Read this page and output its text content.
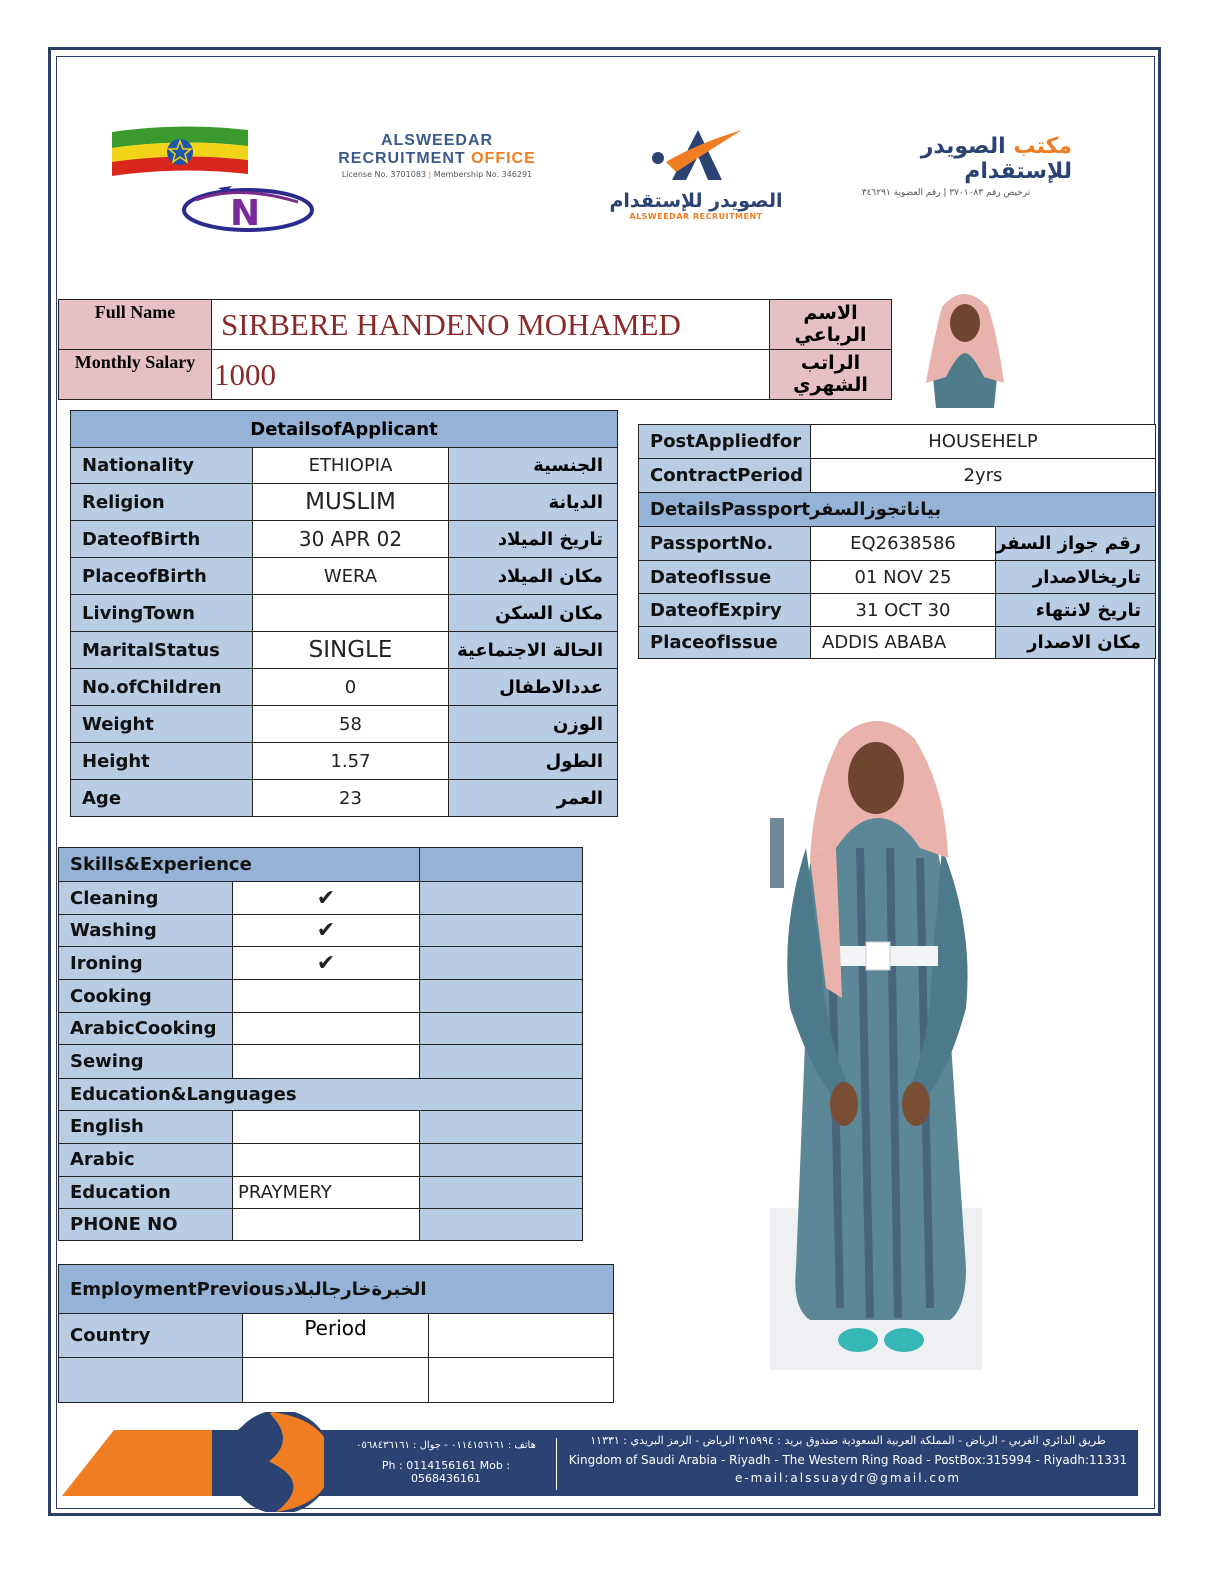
N
ALSWEEDAR
RECRUITMENT OFFICE
License No. 3701083 | Membership No. 346291
الصويدر للإستقدام
ALSWEEDAR RECRUITMENT
مكتب الصويدر للإستقدام
ترخيص رقم ٣٧٠١٠٨٣ | رقم العضوية ٣٤٦٢٩١
Full Name	SIRBERE HANDENO MOHAMED	الاسم الرباعي
Monthly Salary	1000	الراتب الشهري
DetailsofApplicant		
Nationality	ETHIOPIA	الجنسية
Religion	MUSLIM	الديانة
DateofBirth	30 APR 02	تاريخ الميلاد
PlaceofBirth	WERA	مكان الميلاد
LivingTown		مكان السكن
MaritalStatus	SINGLE	الحالة الاجتماعية
No.ofChildren	0	عددالاطفال
Weight	58	الوزن
Height	1.57	الطول
Age	23	العمر
PostAppliedfor	HOUSEHELP	
ContractPeriod	2yrs	
DetailsPassportبياناتجوزالسفر		
PassportNo.	EQ2638586	رقم جواز السفر
DateofIssue	01 NOV 25	تاريخالاصدار
DateofExpiry	31 OCT 30	تاريخ لانتهاء
PlaceofIssue	ADDIS ABABA	مكان الاصدار
Skills&Experience		
Cleaning	✔	
Washing	✔	
Ironing	✔	
Cooking		
ArabicCooking		
Sewing		
Education&Languages		
English		
Arabic		
Education	PRAYMERY	
PHONE NO		
EmploymentPreviousالخبرةخارجالبلاد		
Country	Period	

هاتف : ٠١١٤١٥٦١٦١ - جوال : ٠٥٦٨٤٣٦١٦١
Ph : 0114156161 Mob : 0568436161
طريق الدائري الغربي - الرياض - المملكة العربية السعودية صندوق بريد : ٣١٥٩٩٤ الرياض - الرمز البريدي : ١١٣٣١
Kingdom of Saudi Arabia - Riyadh - The Western Ring Road - PostBox:315994 - Riyadh:11331
e-mail:alssuaydr@gmail.com
